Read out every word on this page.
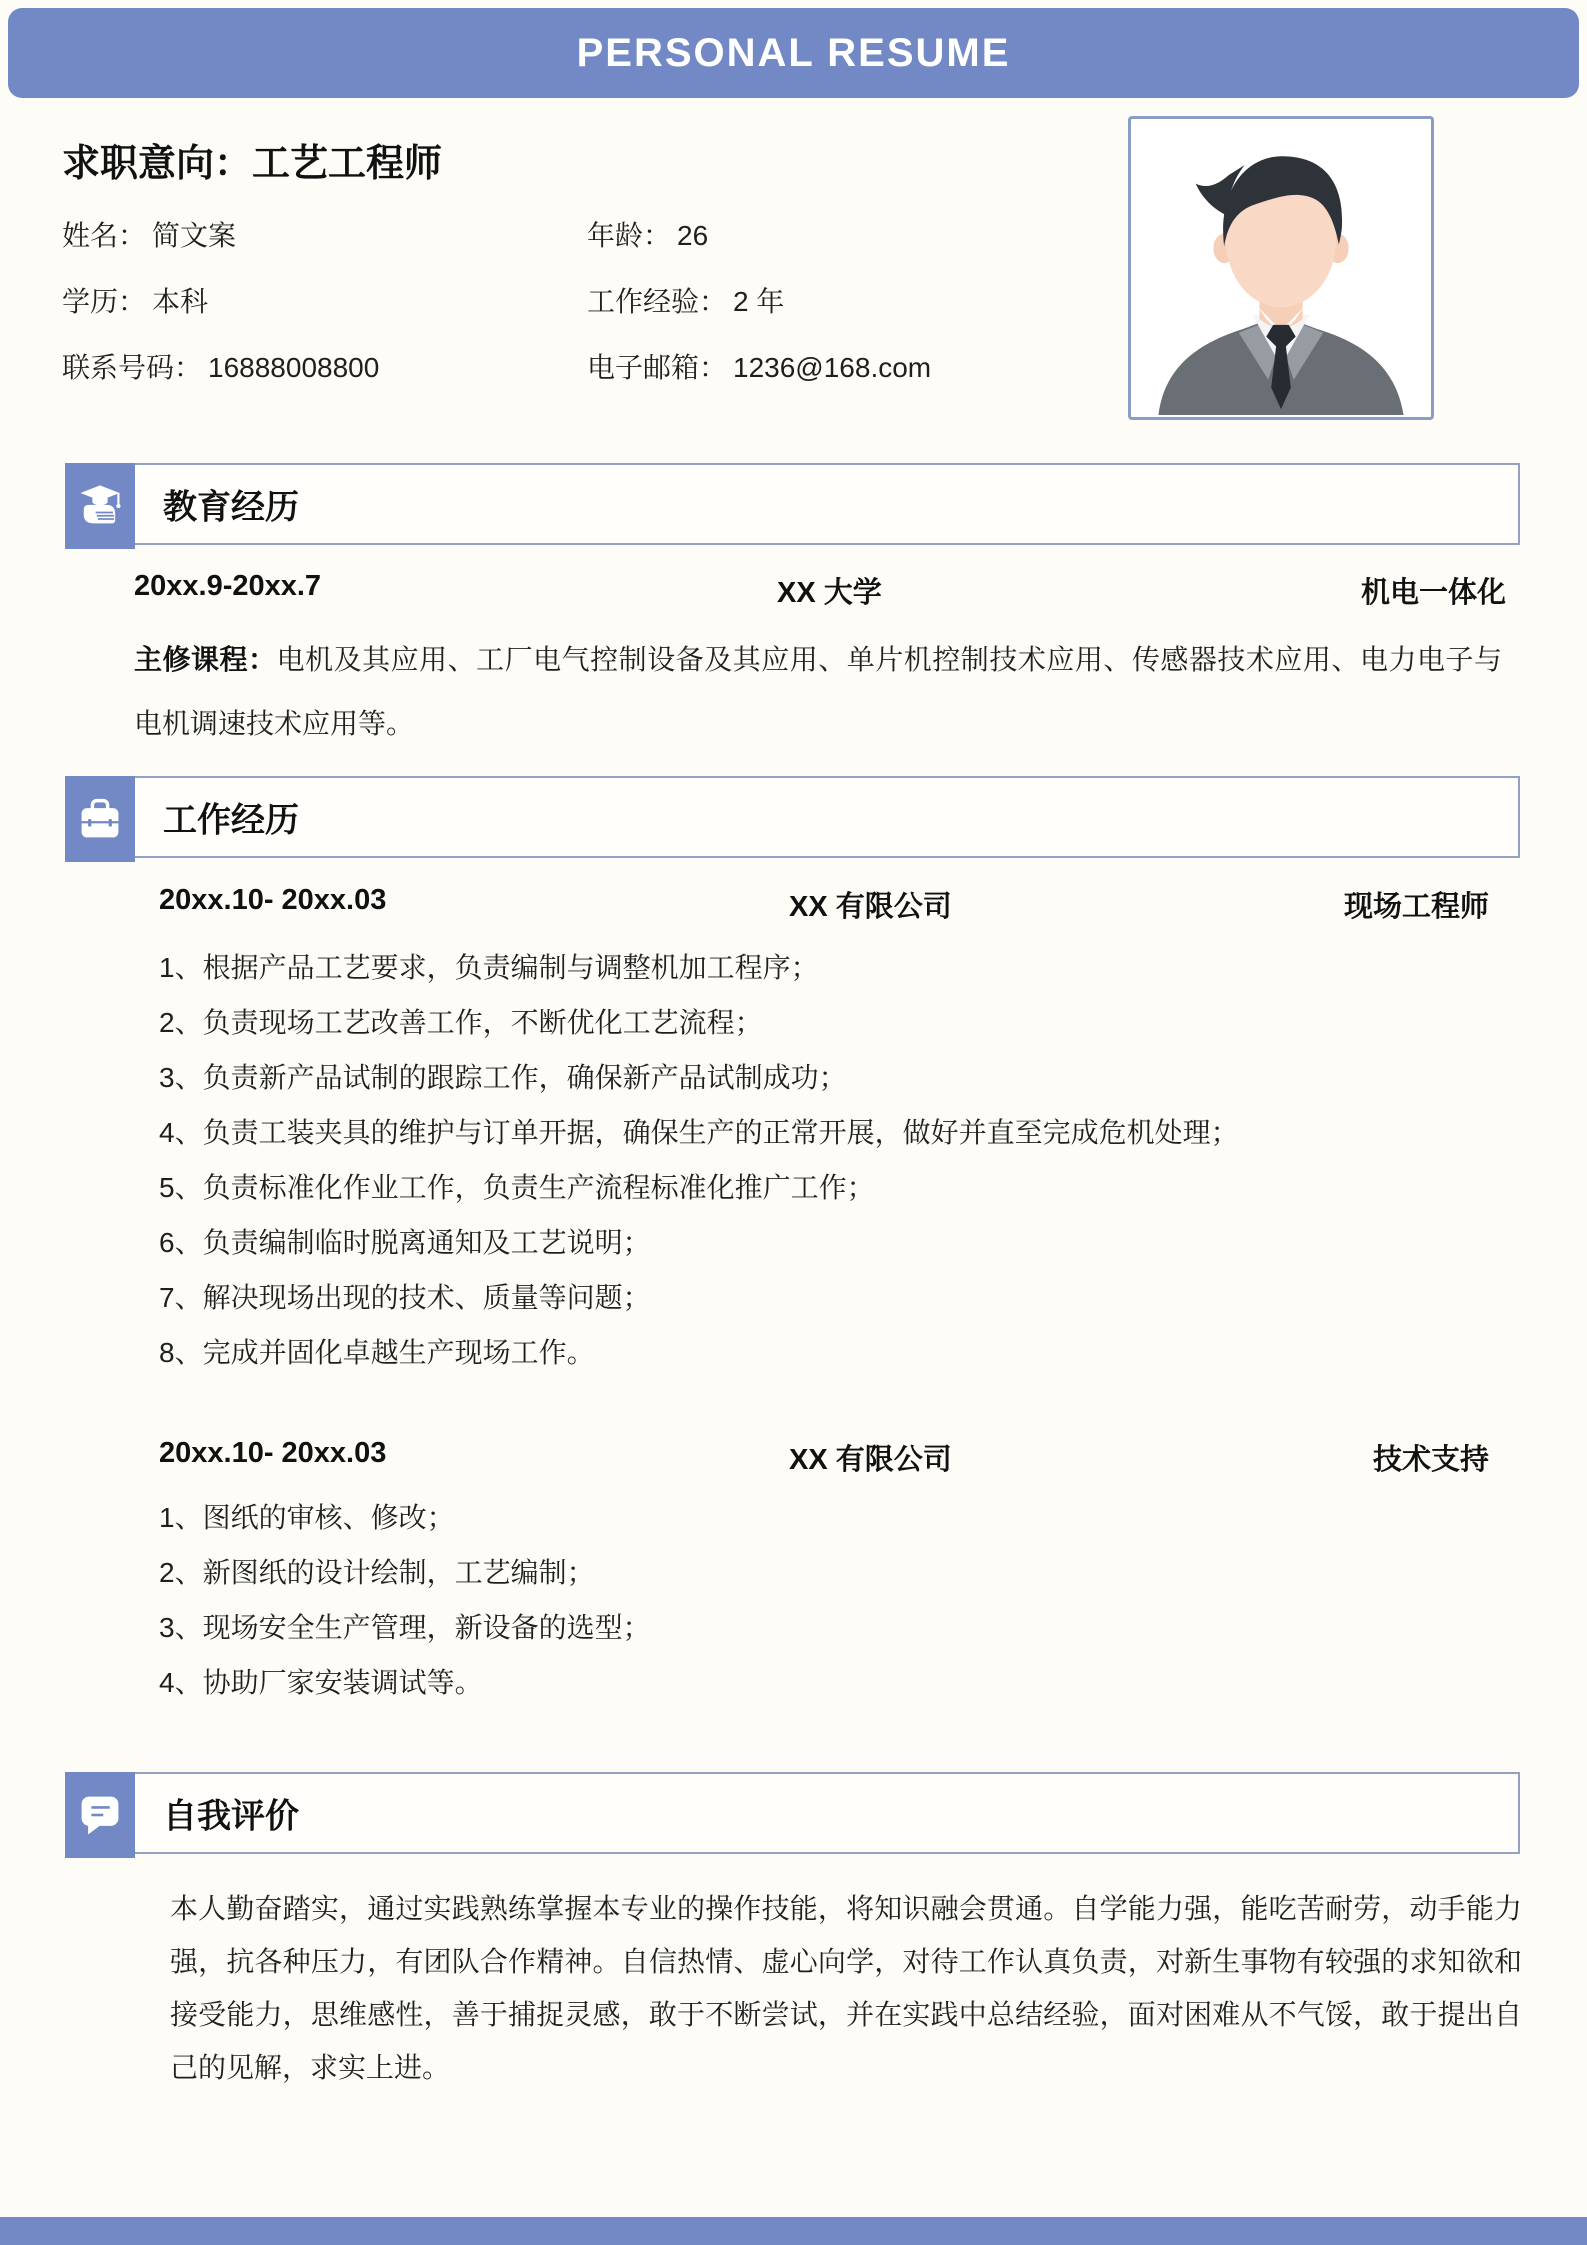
PERSONAL RESUME
求职意向：工艺工程师
姓名： 简文案	年龄： 26
学历： 本科	工作经验： 2 年
联系号码： 16888008800	电子邮箱： 1236@168.com
教育经历
20xx.9-20xx.7	XX 大学	机电一体化
主修课程：电机及其应用、工厂电气控制设备及其应用、单片机控制技术应用、传感器技术应用、电力电子与电机调速技术应用等。
工作经历
20xx.10- 20xx.03	XX 有限公司	现场工程师
1、根据产品工艺要求，负责编制与调整机加工程序；
2、负责现场工艺改善工作，不断优化工艺流程；
3、负责新产品试制的跟踪工作，确保新产品试制成功；
4、负责工装夹具的维护与订单开据，确保生产的正常开展，做好并直至完成危机处理；
5、负责标准化作业工作，负责生产流程标准化推广工作；
6、负责编制临时脱离通知及工艺说明；
7、解决现场出现的技术、质量等问题；
8、完成并固化卓越生产现场工作。
20xx.10- 20xx.03	XX 有限公司	技术支持
1、图纸的审核、修改；
2、新图纸的设计绘制，工艺编制；
3、现场安全生产管理，新设备的选型；
4、协助厂家安装调试等。
自我评价
本人勤奋踏实，通过实践熟练掌握本专业的操作技能，将知识融会贯通。自学能力强，能吃苦耐劳，动手能力强，抗各种压力，有团队合作精神。自信热情、虚心向学，对待工作认真负责，对新生事物有较强的求知欲和接受能力，思维感性，善于捕捉灵感，敢于不断尝试，并在实践中总结经验，面对困难从不气馁，敢于提出自己的见解，求实上进。
